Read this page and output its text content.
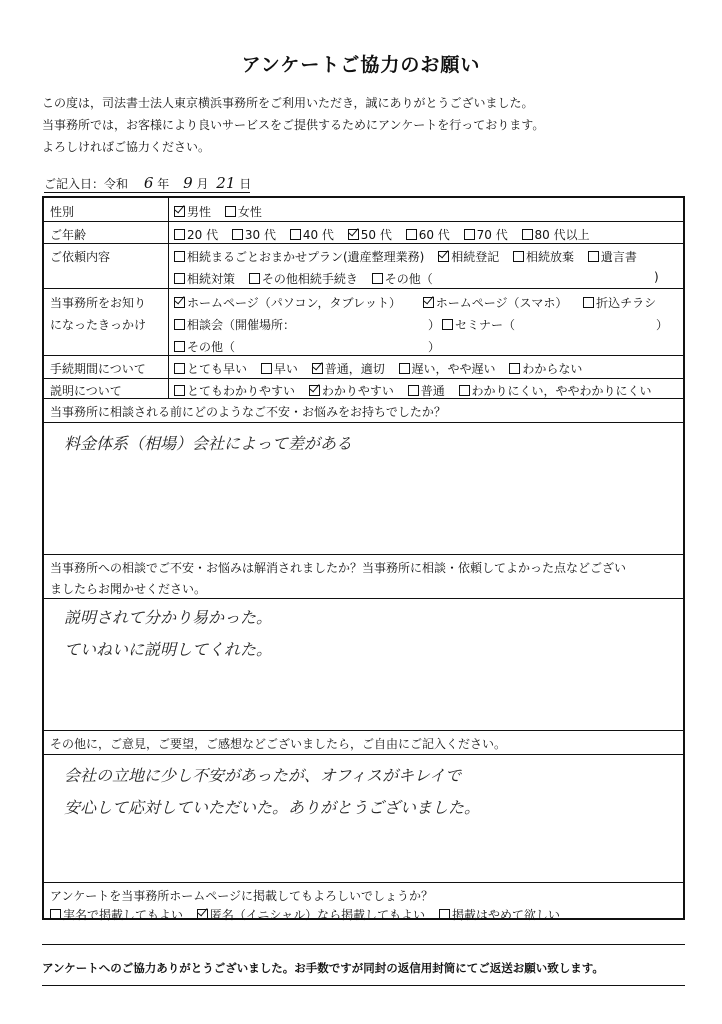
アンケートご協力のお願い
この度は，司法書士法人東京横浜事務所をご利用いただき，誠にありがとうございました。
当事務所では，お客様により良いサービスをご提供するためにアンケートを行っております。
よろしければご協力ください。
ご記入日：令和 6 年 9 月 21 日
性別	男性 女性
ご年齢	20 代 30 代 40 代 50 代 60 代 70 代 80 代以上
ご依頼内容	相続まるごとおまかせプラン(遺産整理業務) 相続登記 相続放棄 遺言書
相続対策 その他相続手続き その他（	)
当事務所をお知り
になったきっかけ
ホームページ（パソコン，タブレット）	ホームページ（スマホ） 折込チラシ
相談会（開催場所：	）	セミナー（	）
その他（	）
手続期間について	とても早い 早い 普通，適切 遅い，やや遅い わからない
説明について	とてもわかりやすい わかりやすい 普通 わかりにくい，ややわかりにくい
当事務所に相談される前にどのようなご不安・お悩みをお持ちでしたか？
料金体系（相場）会社によって差がある
当事務所への相談でご不安・お悩みは解消されましたか？当事務所に相談・依頼してよかった点などござい
ましたらお聞かせください。
説明されて分かり易かった。
ていねいに説明してくれた。
その他に，ご意見，ご要望，ご感想などございましたら，ご自由にご記入ください。
会社の立地に少し不安があったが、オフィスがキレイで
安心して応対していただいた。ありがとうございました。
アンケートを当事務所ホームページに掲載してもよろしいでしょうか？
実名で掲載してもよい 匿名（イニシャル）なら掲載してもよい 掲載はやめて欲しい
アンケートへのご協力ありがとうございました。お手数ですが同封の返信用封筒にてご返送お願い致します。
